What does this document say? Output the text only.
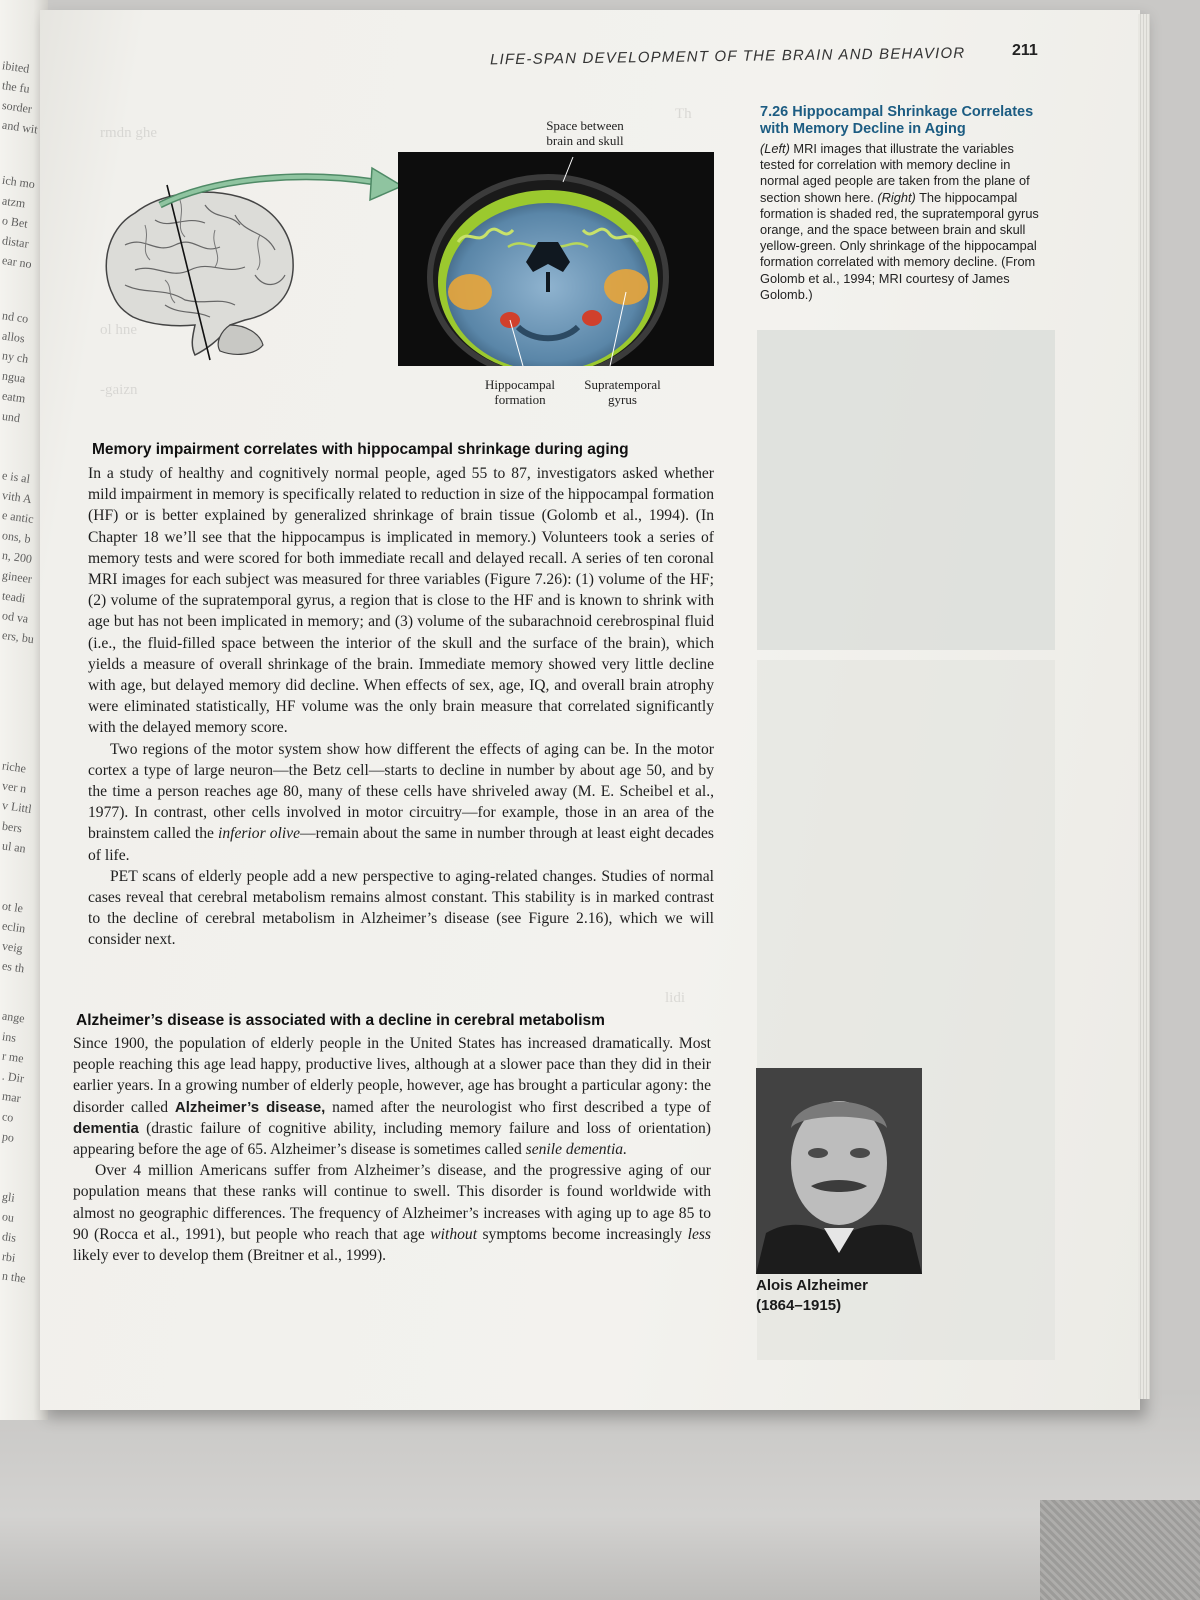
ibited
the fu
sorder
and wit
ich mo
atzm
o Bet
distar
ear no
nd co
allos
ny ch
ngua
eatm
und
e is al
vith A
e antic
ons, b
n, 200
gineer
teadi
od va
ers, bu
riche
ver n
v Littl
bers
ul an
ot le
eclin
veig
es th
ange
ins
r me
. Dir
mar
co
po
gli
ou
dis
rbi
n the
Th
rmdn ghe
ol hne
-gaizn
lidi
LIFE-SPAN DEVELOPMENT OF THE BRAIN AND BEHAVIOR	211
Space between brain and skull
Hippocampal formation
Supratemporal gyrus
7.26 Hippocampal Shrinkage Correlates with Memory Decline in Aging
(Left) MRI images that illustrate the variables tested for correlation with memory decline in normal aged people are taken from the plane of section shown here. (Right) The hippocampal formation is shaded red, the supratemporal gyrus orange, and the space between brain and skull yellow-green. Only shrinkage of the hippocampal formation correlated with memory decline. (From Golomb et al., 1994; MRI courtesy of James Golomb.)
Memory impairment correlates with hippocampal shrinkage during aging

In a study of healthy and cognitively normal people, aged 55 to 87, investigators asked whether mild impairment in memory is specifically related to reduction in size of the hippocampal formation (HF) or is better explained by generalized shrinkage of brain tissue (Golomb et al., 1994). (In Chapter 18 we’ll see that the hippocampus is implicated in memory.) Volunteers took a series of memory tests and were scored for both immediate recall and delayed recall. A series of ten coronal MRI images for each subject was measured for three variables (Figure 7.26): (1) volume of the HF; (2) volume of the supratemporal gyrus, a region that is close to the HF and is known to shrink with age but has not been implicated in memory; and (3) volume of the subarachnoid cerebrospinal fluid (i.e., the fluid-filled space between the interior of the skull and the surface of the brain), which yields a measure of overall shrinkage of the brain. Immediate memory showed very little decline with age, but delayed memory did decline. When effects of sex, age, IQ, and overall brain atrophy were eliminated statistically, HF volume was the only brain measure that correlated significantly with the delayed memory score.

Two regions of the motor system show how different the effects of aging can be. In the motor cortex a type of large neuron—the Betz cell—starts to decline in number by about age 50, and by the time a person reaches age 80, many of these cells have shriveled away (M. E. Scheibel et al., 1977). In contrast, other cells involved in motor circuitry—for example, those in an area of the brainstem called the inferior olive—remain about the same in number through at least eight decades of life.

PET scans of elderly people add a new perspective to aging-related changes. Studies of normal cases reveal that cerebral metabolism remains almost constant. This stability is in marked contrast to the decline of cerebral metabolism in Alzheimer’s disease (see Figure 2.16), which we will consider next.

Alzheimer’s disease is associated with a decline in cerebral metabolism

Since 1900, the population of elderly people in the United States has increased dramatically. Most people reaching this age lead happy, productive lives, although at a slower pace than they did in their earlier years. In a growing number of elderly people, however, age has brought a particular agony: the disorder called Alzheimer’s disease, named after the neurologist who first described a type of dementia (drastic failure of cognitive ability, including memory failure and loss of orientation) appearing before the age of 65. Alzheimer’s disease is sometimes called senile dementia.

Over 4 million Americans suffer from Alzheimer’s disease, and the progressive aging of our population means that these ranks will continue to swell. This disorder is found worldwide with almost no geographic differences. The frequency of Alzheimer’s increases with aging up to age 85 to 90 (Rocca et al., 1991), but people who reach that age without symptoms become increasingly less likely ever to develop them (Breitner et al., 1999).

Alois Alzheimer
(1864–1915)
